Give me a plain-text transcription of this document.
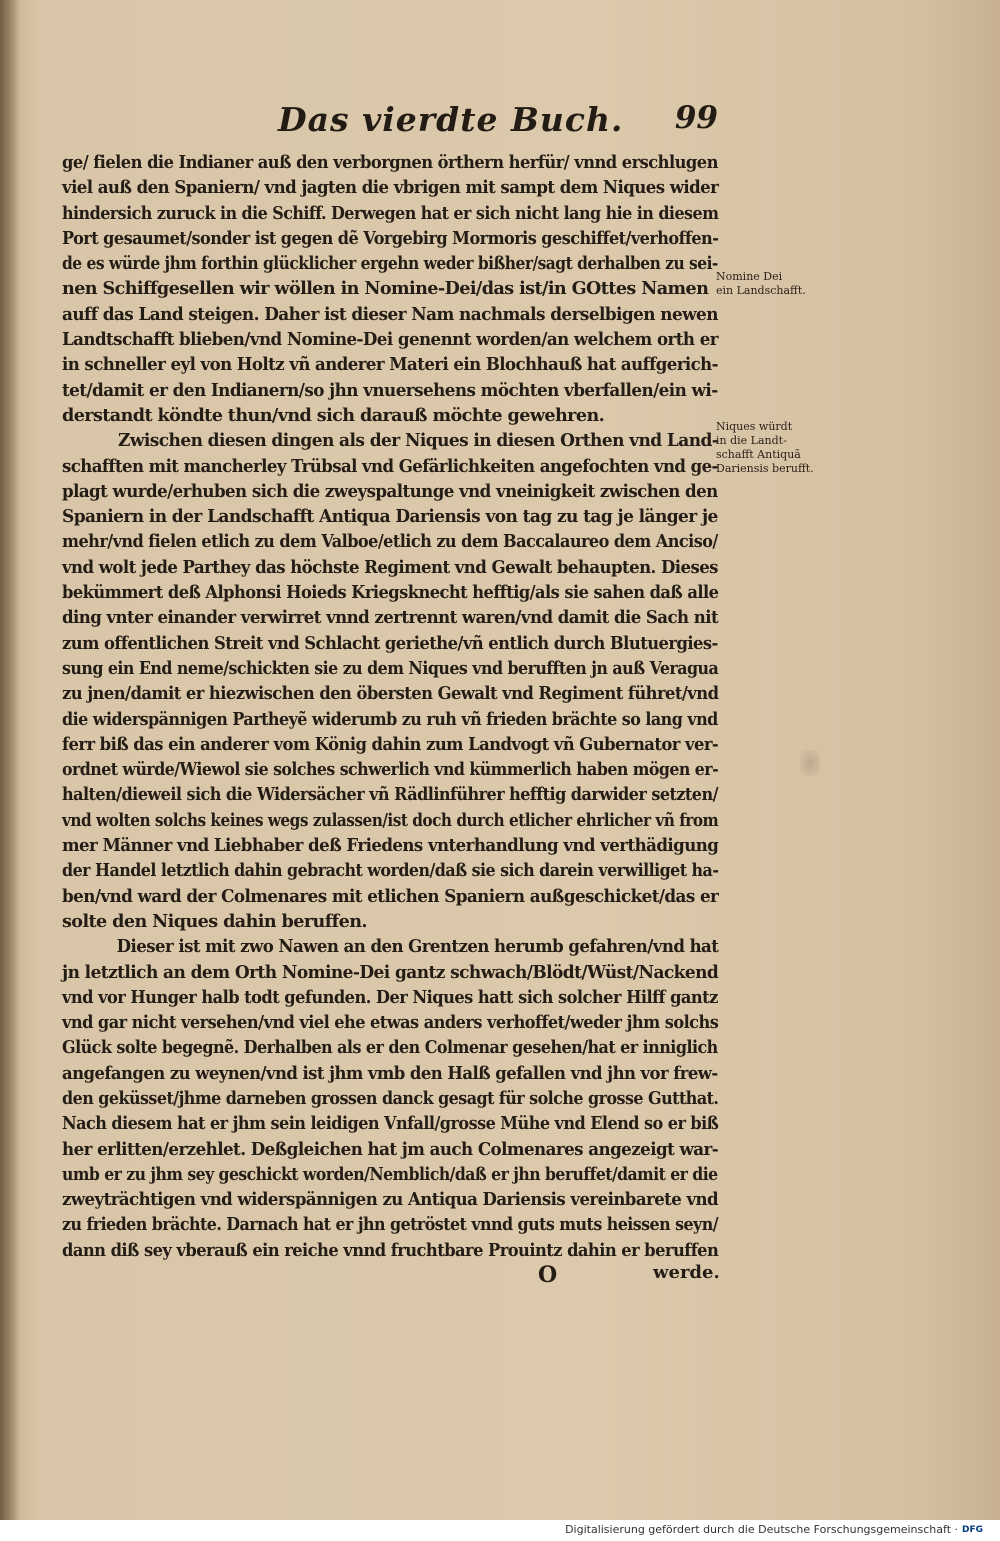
Das vierdte Buch. 99
ge/ fielen die Indianer auß den verborgnen örthern herfür/ vnnd erschlugen
viel auß den Spaniern/ vnd jagten die vbrigen mit sampt dem Niques wider
hindersich zuruck in die Schiff. Derwegen hat er sich nicht lang hie in diesem
Port gesaumet/sonder ist gegen dẽ Vorgebirg Mormoris geschiffet/verhoffen-
de es würde jhm forthin glücklicher ergehn weder bißher/sagt derhalben zu sei-
nen Schiffgesellen wir wöllen in Nomine-Dei/das ist/in GOttes Namen
auff das Land steigen. Daher ist dieser Nam nachmals derselbigen newen
Landtschafft blieben/vnd Nomine-Dei genennt worden/an welchem orth er
in schneller eyl von Holtz vñ anderer Materi ein Blochhauß hat auffgerich-
tet/damit er den Indianern/so jhn vnuersehens möchten vberfallen/ein wi-
derstandt köndte thun/vnd sich darauß möchte gewehren.
Zwischen diesen dingen als der Niques in diesen Orthen vnd Land-
schafften mit mancherley Trübsal vnd Gefärlichkeiten angefochten vnd ge-
plagt wurde/erhuben sich die zweyspaltunge vnd vneinigkeit zwischen den
Spaniern in der Landschafft Antiqua Dariensis von tag zu tag je länger je
mehr/vnd fielen etlich zu dem Valboe/etlich zu dem Baccalaureo dem Anciso/
vnd wolt jede Parthey das höchste Regiment vnd Gewalt behaupten. Dieses
bekümmert deß Alphonsi Hoieds Kriegsknecht hefftig/als sie sahen daß alle
ding vnter einander verwirret vnnd zertrennt waren/vnd damit die Sach nit
zum offentlichen Streit vnd Schlacht geriethe/vñ entlich durch Blutuergies-
sung ein End neme/schickten sie zu dem Niques vnd berufften jn auß Veragua
zu jnen/damit er hiezwischen den öbersten Gewalt vnd Regiment führet/vnd
die widerspännigen Partheyẽ widerumb zu ruh vñ frieden brächte so lang vnd
ferr biß das ein anderer vom König dahin zum Landvogt vñ Gubernator ver-
ordnet würde/Wiewol sie solches schwerlich vnd kümmerlich haben mögen er-
halten/dieweil sich die Widersächer vñ Rädlinführer hefftig darwider setzten/
vnd wolten solchs keines wegs zulassen/ist doch durch etlicher ehrlicher vñ from
mer Männer vnd Liebhaber deß Friedens vnterhandlung vnd verthädigung
der Handel letztlich dahin gebracht worden/daß sie sich darein verwilliget ha-
ben/vnd ward der Colmenares mit etlichen Spaniern außgeschicket/das er
solte den Niques dahin beruffen.
Dieser ist mit zwo Nawen an den Grentzen herumb gefahren/vnd hat
jn letztlich an dem Orth Nomine-Dei gantz schwach/Blödt/Wüst/Nackend
vnd vor Hunger halb todt gefunden. Der Niques hatt sich solcher Hilff gantz
vnd gar nicht versehen/vnd viel ehe etwas anders verhoffet/weder jhm solchs
Glück solte begegnẽ. Derhalben als er den Colmenar gesehen/hat er inniglich
angefangen zu weynen/vnd ist jhm vmb den Halß gefallen vnd jhn vor frew-
den geküsset/jhme darneben grossen danck gesagt für solche grosse Gutthat.
Nach diesem hat er jhm sein leidigen Vnfall/grosse Mühe vnd Elend so er biß
her erlitten/erzehlet. Deßgleichen hat jm auch Colmenares angezeigt war-
umb er zu jhm sey geschickt worden/Nemblich/daß er jhn beruffet/damit er die
zweyträchtigen vnd widerspännigen zu Antiqua Dariensis vereinbarete vnd
zu frieden brächte. Darnach hat er jhn getröstet vnnd guts muts heissen seyn/
dann diß sey vberauß ein reiche vnnd fruchtbare Prouintz dahin er beruffen
Nomine Dei
ein Landschafft.
Niques würdt
in die Landt-
schafft Antiquã
Dariensis berufft.
O	werde.
Digitalisierung gefördert durch die Deutsche Forschungsgemeinschaft · DFG
